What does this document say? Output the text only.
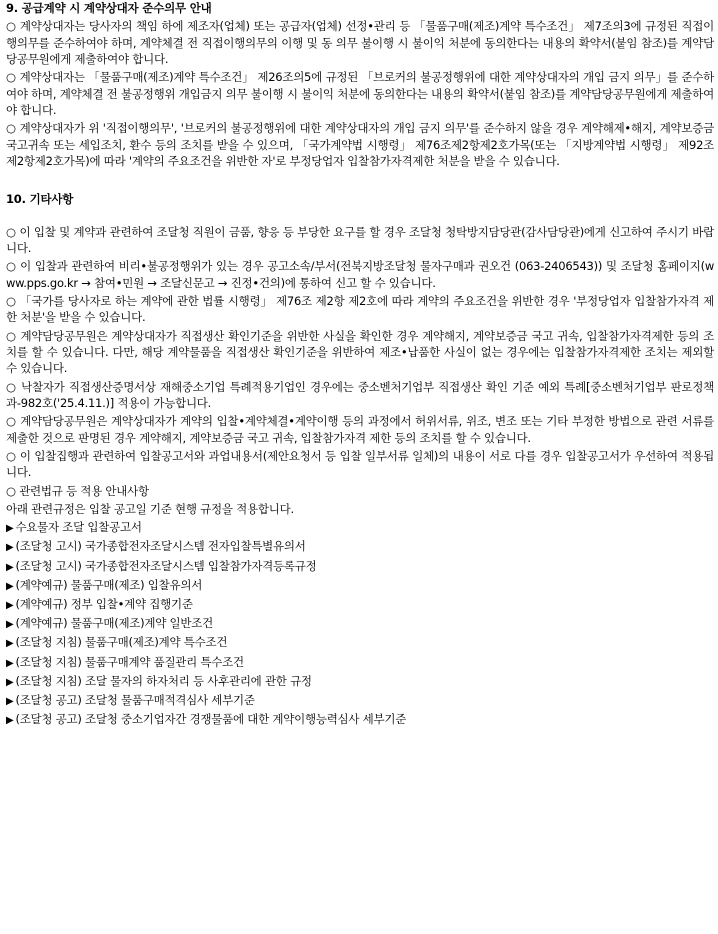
9. 공급계약 시 계약상대자 준수의무 안내
○ 계약상대자는 당사자의 책임 하에 제조자(업체) 또는 공급자(업체) 선정•관리 등 「물품구매(제조)계약 특수조건」 제7조의3에 규정된 직접이행의무를 준수하여야 하며, 계약체결 전 직접이행의무의 이행 및 동 의무 불이행 시 불이익 처분에 동의한다는 내용의 확약서(붙임 참조)를 계약담당공무원에게 제출하여야 합니다.
○ 계약상대자는 「물품구매(제조)계약 특수조건」 제26조의5에 규정된 「브로커의 불공정행위에 대한 계약상대자의 개입 금지 의무」를 준수하여야 하며, 계약체결 전 불공정행위 개입금지 의무 불이행 시 불이익 처분에 동의한다는 내용의 확약서(붙임 참조)를 계약담당공무원에게 제출하여야 합니다.
○ 계약상대자가 위 '직접이행의무', '브로커의 불공정행위에 대한 계약상대자의 개입 금지 의무'를 준수하지 않을 경우 계약해제•해지, 계약보증금 국고귀속 또는 세입조치, 환수 등의 조치를 받을 수 있으며, 「국가계약법 시행령」 제76조제2항제2호가목(또는 「지방계약법 시행령」 제92조제2항제2호가목)에 따라 '계약의 주요조건을 위반한 자'로 부정당업자 입찰참가자격제한 처분을 받을 수 있습니다.
10. 기타사항
○ 이 입찰 및 계약과 관련하여 조달청 직원이 금품, 향응 등 부당한 요구를 할 경우 조달청 청탁방지담당관(감사담당관)에게 신고하여 주시기 바랍니다.
○ 이 입찰과 관련하여 비리•불공정행위가 있는 경우 공고소속/부서(전북지방조달청 물자구매과 권오건 (063-2406543)) 및 조달청 홈페이지(www.pps.go.kr → 참여•민원 → 조달신문고 → 진정•건의)에 통하여 신고 할 수 있습니다.
○ 「국가를 당사자로 하는 계약에 관한 법률 시행령」 제76조 제2항 제2호에 따라 계약의 주요조건을 위반한 경우 '부정당업자 입찰참가자격 제한 처분'을 받을 수 있습니다.
○ 계약담당공무원은 계약상대자가 직접생산 확인기준을 위반한 사실을 확인한 경우 계약해지, 계약보증금 국고 귀속, 입찰참가자격제한 등의 조치를 할 수 있습니다. 다만, 해당 계약물품을 직접생산 확인기준을 위반하여 제조•납품한 사실이 없는 경우에는 입찰참가자격제한 조치는 제외할 수 있습니다.
○ 낙찰자가 직접생산증명서상 재해중소기업 특례적용기업인 경우에는 중소벤처기업부 직접생산 확인 기준 예외 특례[중소벤처기업부 판로정책과-982호('25.4.11.)] 적용이 가능합니다.
○ 계약담당공무원은 계약상대자가 계약의 입찰•계약체결•계약이행 등의 과정에서 허위서류, 위조, 변조 또는 기타 부정한 방법으로 관련 서류를 제출한 것으로 판명된 경우 계약해지, 계약보증금 국고 귀속, 입찰참가자격 제한 등의 조치를 할 수 있습니다.
○ 이 입찰집행과 관련하여 입찰공고서와 과업내용서(제안요청서 등 입찰 일부서류 일체)의 내용이 서로 다를 경우 입찰공고서가 우선하여 적용됩니다.
○ 관련법규 등 적용 안내사항
아래 관련규정은 입찰 공고일 기준 현행 규정을 적용합니다.
▶ 수요물자 조달 입찰공고서
▶ (조달청 고시) 국가종합전자조달시스템 전자입찰특별유의서
▶ (조달청 고시) 국가종합전자조달시스템 입찰참가자격등록규정
▶ (계약예규) 물품구매(제조) 입찰유의서
▶ (계약예규) 정부 입찰•계약 집행기준
▶ (계약예규) 물품구매(제조)계약 일반조건
▶ (조달청 지침) 물품구매(제조)계약 특수조건
▶ (조달청 지침) 물품구매계약 품질관리 특수조건
▶ (조달청 지침) 조달 물자의 하자처리 등 사후관리에 관한 규정
▶ (조달청 공고) 조달청 물품구매적격심사 세부기준
▶ (조달청 공고) 조달청 중소기업자간 경쟁물품에 대한 계약이행능력심사 세부기준
